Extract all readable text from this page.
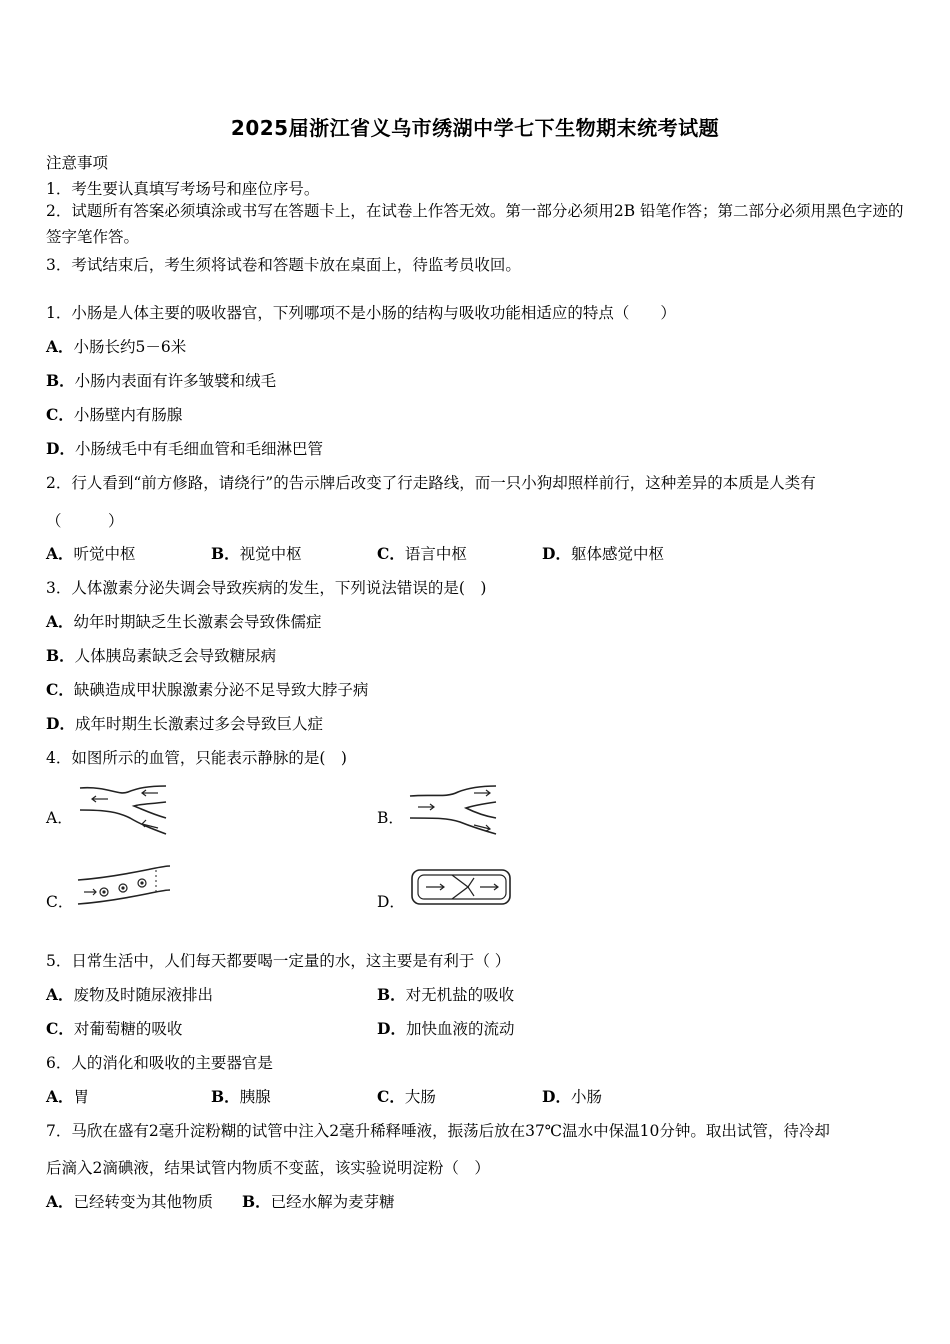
2025届浙江省义乌市绣湖中学七下生物期末统考试题
注意事项
1．考生要认真填写考场号和座位序号。
2．试题所有答案必须填涂或书写在答题卡上，在试卷上作答无效。第一部分必须用2B 铅笔作答；第二部分必须用黑色字迹的签字笔作答。
3．考试结束后，考生须将试卷和答题卡放在桌面上，待监考员收回。
1．小肠是人体主要的吸收器官，下列哪项不是小肠的结构与吸收功能相适应的特点（　　）
A．小肠长约5－6米
B．小肠内表面有许多皱襞和绒毛
C．小肠壁内有肠腺
D．小肠绒毛中有毛细血管和毛细淋巴管
2．行人看到“前方修路，请绕行”的告示牌后改变了行走路线，而一只小狗却照样前行，这种差异的本质是人类有
（　　　）
A．听觉中枢	B．视觉中枢	C．语言中枢	D．躯体感觉中枢
3．人体激素分泌失调会导致疾病的发生，下列说法错误的是(　)
A．幼年时期缺乏生长激素会导致侏儒症
B．人体胰岛素缺乏会导致糖尿病
C．缺碘造成甲状腺激素分泌不足导致大脖子病
D．成年时期生长激素过多会导致巨人症
4．如图所示的血管，只能表示静脉的是(　)
A．	B．
C．	D．
5．日常生活中，人们每天都要喝一定量的水，这主要是有利于（ ）
A．废物及时随尿液排出	B．对无机盐的吸收
C．对葡萄糖的吸收	D．加快血液的流动
6．人的消化和吸收的主要器官是
A．胃	B．胰腺	C．大肠	D．小肠
7．马欣在盛有2毫升淀粉糊的试管中注入2毫升稀释唾液，振荡后放在37℃温水中保温10分钟。取出试管，待冷却
后滴入2滴碘液，结果试管内物质不变蓝，该实验说明淀粉（　）
A．已经转变为其他物质 B．已经水解为麦芽糖
